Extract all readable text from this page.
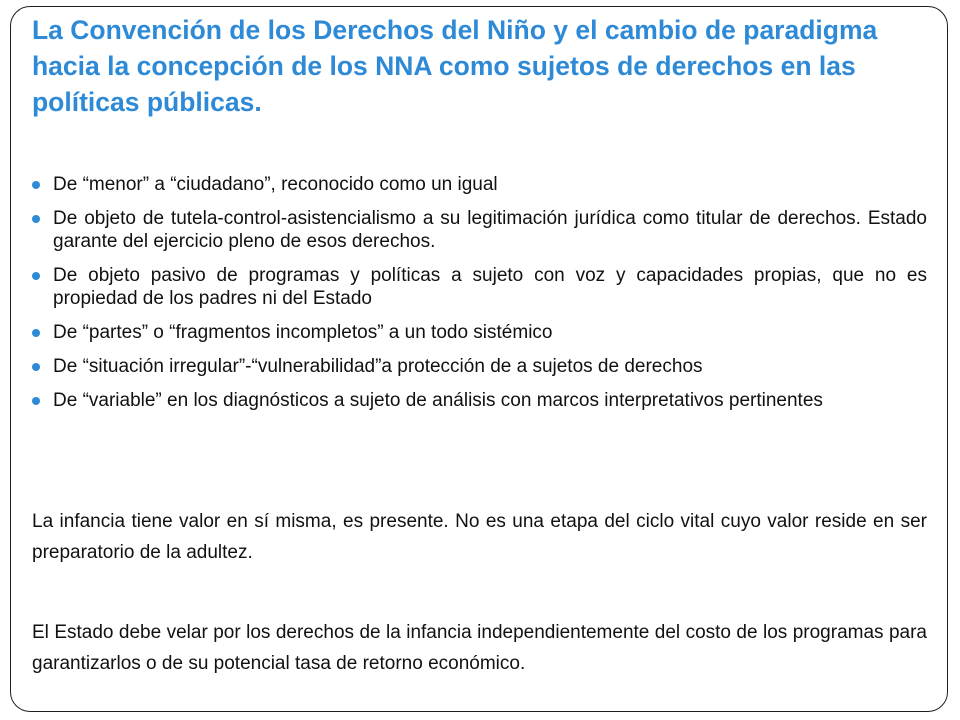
La Convención de los Derechos del Niño y el cambio de paradigma hacia la concepción de los NNA como sujetos de derechos en las políticas públicas.
De “menor” a “ciudadano”, reconocido como un igual
De objeto de tutela-control-asistencialismo a su legitimación jurídica como titular de derechos. Estado garante del ejercicio pleno de esos derechos.
De objeto pasivo de programas y políticas a sujeto con voz y capacidades propias, que no es propiedad de los padres ni del Estado
De “partes” o “fragmentos incompletos” a un todo sistémico
De “situación irregular”-“vulnerabilidad”a protección de a sujetos de derechos
De “variable” en los diagnósticos a sujeto de análisis con marcos interpretativos pertinentes

La infancia tiene valor en sí misma, es presente. No es una etapa del ciclo vital cuyo valor reside en ser preparatorio de la adultez.

El Estado debe velar por los derechos de la infancia independientemente del costo de los programas para garantizarlos o de su potencial tasa de retorno económico.
